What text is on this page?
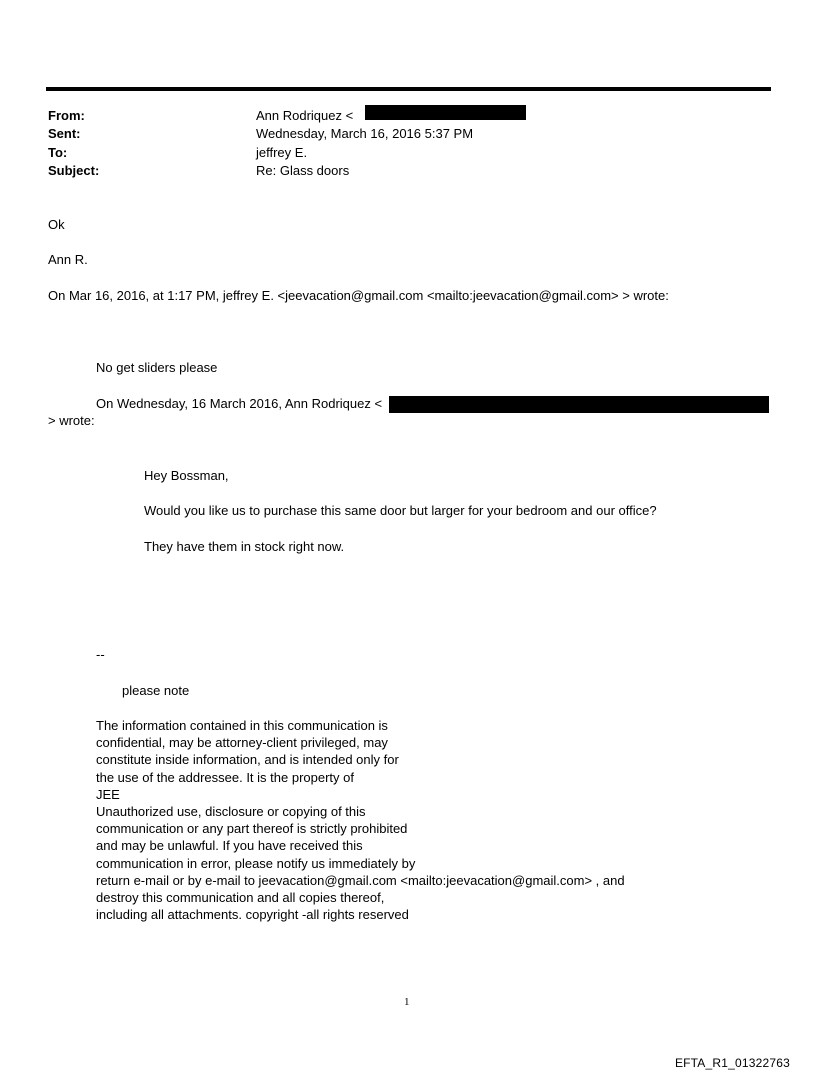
From:	Ann Rodriquez <
Sent:	Wednesday, March 16, 2016 5:37 PM
To:	jeffrey E.
Subject:	Re: Glass doors
Ok
Ann R.
On Mar 16, 2016, at 1:17 PM, jeffrey E. <jeevacation@gmail.com <mailto:jeevacation@gmail.com> > wrote:
No get sliders please
On Wednesday, 16 March 2016, Ann Rodriquez <
> wrote:
Hey Bossman,
Would you like us to purchase this same door but larger for your bedroom and our office?
They have them in stock right now.
--
please note
The information contained in this communication is
confidential, may be attorney-client privileged, may
constitute inside information, and is intended only for
the use of the addressee. It is the property of
JEE
Unauthorized use, disclosure or copying of this
communication or any part thereof is strictly prohibited
and may be unlawful. If you have received this
communication in error, please notify us immediately by
return e-mail or by e-mail to jeevacation@gmail.com <mailto:jeevacation@gmail.com> , and
destroy this communication and all copies thereof,
including all attachments. copyright -all rights reserved
1
EFTA_R1_01322763
